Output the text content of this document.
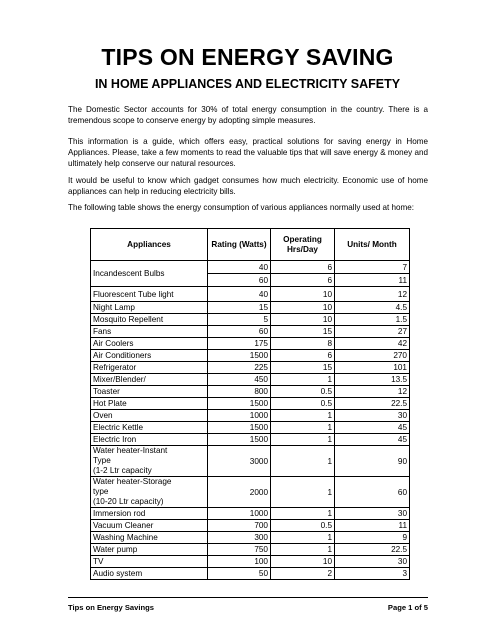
TIPS ON ENERGY SAVING
IN HOME APPLIANCES AND ELECTRICITY SAFETY

The Domestic Sector accounts for 30% of total energy consumption in the country. There is a tremendous scope to conserve energy by adopting simple measures.

This information is a guide, which offers easy, practical solutions for saving energy in Home Appliances. Please, take a few moments to read the valuable tips that will save energy & money and ultimately help conserve our natural resources.

It would be useful to know which gadget consumes how much electricity. Economic use of home appliances can help in reducing electricity bills.

The following table shows the energy consumption of various appliances normally used at home:

Appliances	Rating (Watts)	Operating Hrs/Day	Units/ Month
Incandescent Bulbs	40	6	7
	60	6	11
Fluorescent Tube light	40	10	12
Night Lamp	15	10	4.5
Mosquito Repellent	5	10	1.5
Fans	60	15	27
Air Coolers	175	8	42
Air Conditioners	1500	6	270
Refrigerator	225	15	101
Mixer/Blender/	450	1	13.5
Toaster	800	0.5	12
Hot Plate	1500	0.5	22.5
Oven	1000	1	30
Electric Kettle	1500	1	45
Electric Iron	1500	1	45
Water heater-Instant
Type
(1-2 Ltr capacity	3000	1	90
Water heater-Storage
type
(10-20 Ltr capacity)	2000	1	60
Immersion rod	1000	1	30
Vacuum Cleaner	700	0.5	11
Washing Machine	300	1	9
Water pump	750	1	22.5
TV	100	10	30
Audio system	50	2	3
Tips on Energy Savings	Page 1 of 5
